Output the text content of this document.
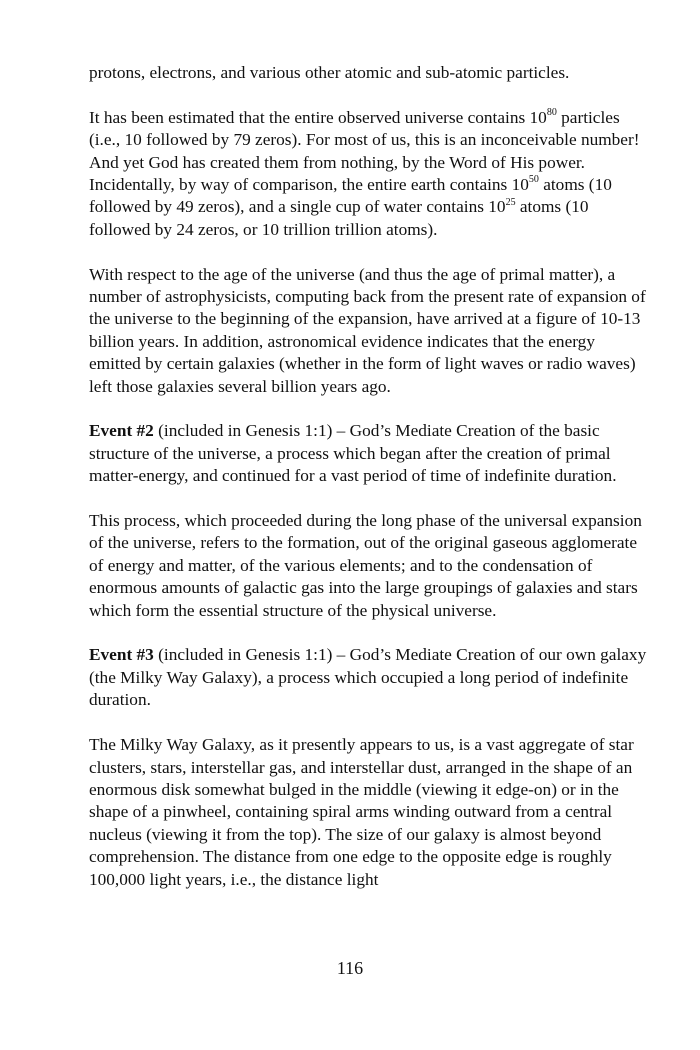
protons, electrons, and various other atomic and sub-atomic particles.

It has been estimated that the entire observed universe contains $10^{80}$ particles (i.e., 10 followed by 79 zeros). For most of us, this is an inconceivable number! And yet God has created them from nothing, by the Word of His power. Incidentally, by way of comparison, the entire earth contains $10^{50}$ atoms (10 followed by 49 zeros), and a single cup of water contains $10^{25}$ atoms (10 followed by 24 zeros, or 10 trillion trillion atoms).

With respect to the age of the universe (and thus the age of primal matter), a number of astrophysicists, computing back from the present rate of expansion of the universe to the beginning of the expansion, have arrived at a figure of 10-13 billion years. In addition, astronomical evidence indicates that the energy emitted by certain galaxies (whether in the form of light waves or radio waves) left those galaxies several billion years ago.

Event #2 (included in Genesis 1:1) – God’s Mediate Creation of the basic structure of the universe, a process which began after the creation of primal matter-energy, and continued for a vast period of time of indefinite duration.

This process, which proceeded during the long phase of the universal expansion of the universe, refers to the formation, out of the original gaseous agglomerate of energy and matter, of the various elements; and to the condensation of enormous amounts of galactic gas into the large groupings of galaxies and stars which form the essential structure of the physical universe.

Event #3 (included in Genesis 1:1) – God’s Mediate Creation of our own galaxy (the Milky Way Galaxy), a process which occupied a long period of indefinite duration.

The Milky Way Galaxy, as it presently appears to us, is a vast aggregate of star clusters, stars, interstellar gas, and interstellar dust, arranged in the shape of an enormous disk somewhat bulged in the middle (viewing it edge-on) or in the shape of a pinwheel, containing spiral arms winding outward from a central nucleus (viewing it from the top). The size of our galaxy is almost beyond comprehension. The distance from one edge to the opposite edge is roughly 100,000 light years, i.e., the distance light

116
